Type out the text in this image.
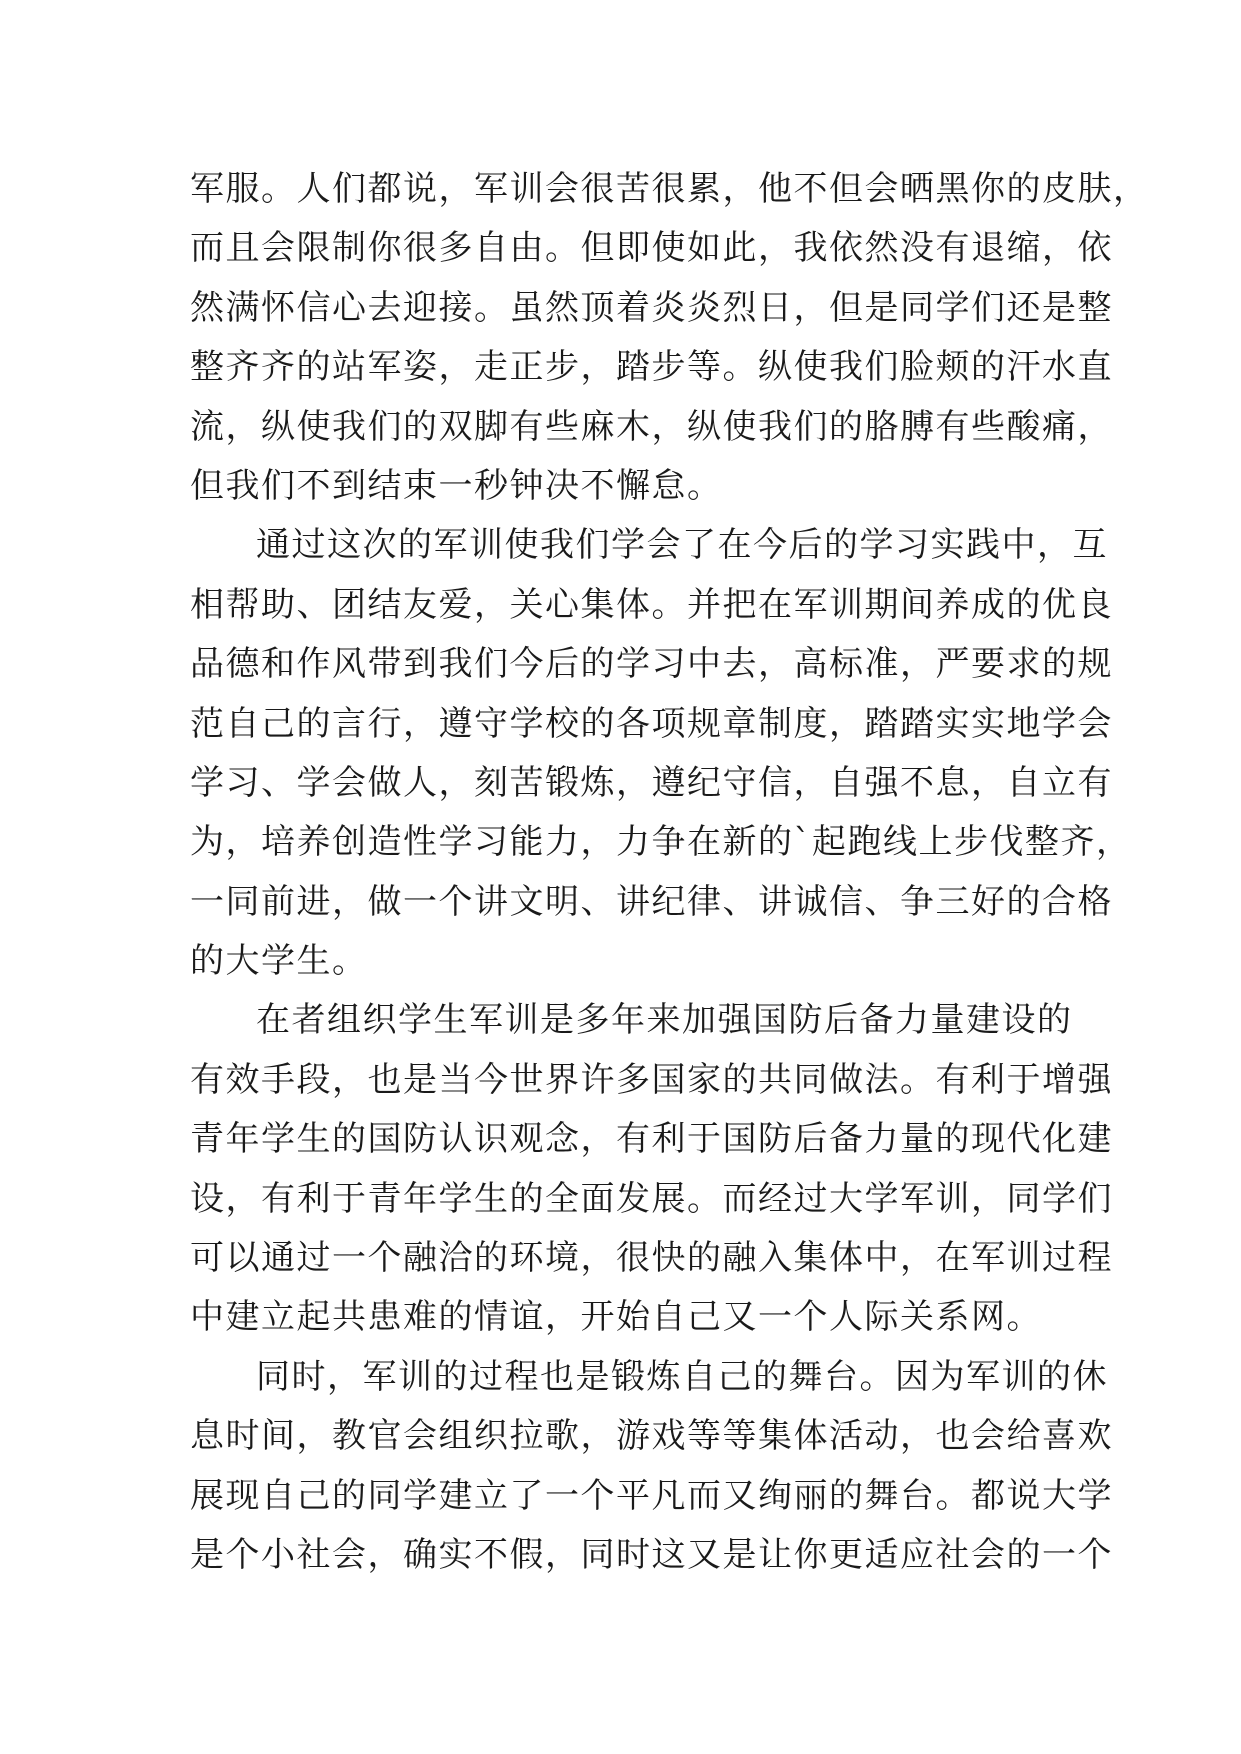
军服。人们都说，军训会很苦很累，他不但会晒黑你的皮肤，
而且会限制你很多自由。但即使如此，我依然没有退缩，依
然满怀信心去迎接。虽然顶着炎炎烈日，但是同学们还是整
整齐齐的站军姿，走正步，踏步等。纵使我们脸颊的汗水直
流，纵使我们的双脚有些麻木，纵使我们的胳膊有些酸痛，
但我们不到结束一秒钟决不懈怠。
通过这次的军训使我们学会了在今后的学习实践中，互
相帮助、团结友爱，关心集体。并把在军训期间养成的优良
品德和作风带到我们今后的学习中去，高标准，严要求的规
范自己的言行，遵守学校的各项规章制度，踏踏实实地学会
学习、学会做人，刻苦锻炼，遵纪守信，自强不息，自立有
为，培养创造性学习能力，力争在新的`起跑线上步伐整齐，
一同前进，做一个讲文明、讲纪律、讲诚信、争三好的合格
的大学生。
在者组织学生军训是多年来加强国防后备力量建设的
有效手段，也是当今世界许多国家的共同做法。有利于增强
青年学生的国防认识观念，有利于国防后备力量的现代化建
设，有利于青年学生的全面发展。而经过大学军训，同学们
可以通过一个融洽的环境，很快的融入集体中，在军训过程
中建立起共患难的情谊，开始自己又一个人际关系网。
同时，军训的过程也是锻炼自己的舞台。因为军训的休
息时间，教官会组织拉歌，游戏等等集体活动，也会给喜欢
展现自己的同学建立了一个平凡而又绚丽的舞台。都说大学
是个小社会，确实不假，同时这又是让你更适应社会的一个
